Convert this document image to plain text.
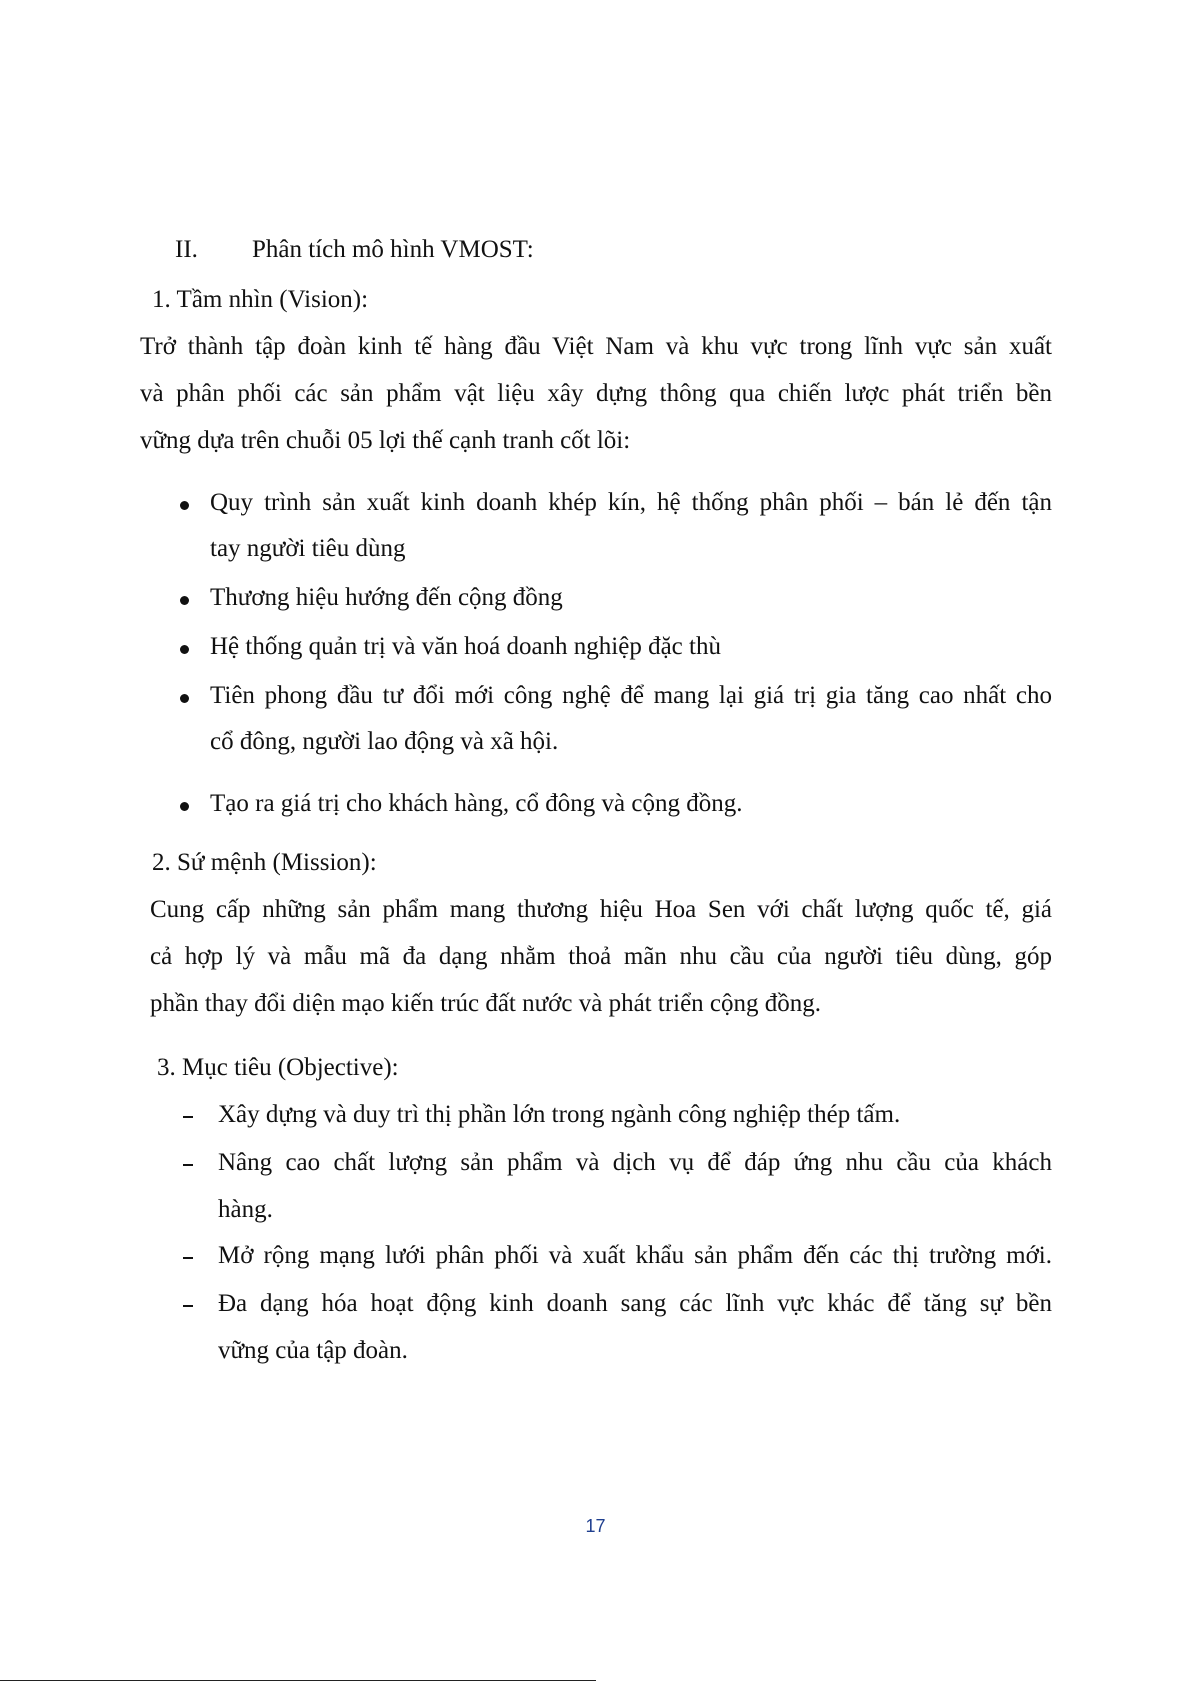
II. Phân tích mô hình VMOST:
1. Tầm nhìn (Vision):
Trở thành tập đoàn kinh tế hàng đầu Việt Nam và khu vực trong lĩnh vực sản xuất
và phân phối các sản phẩm vật liệu xây dựng thông qua chiến lược phát triển bền
vững dựa trên chuỗi 05 lợi thế cạnh tranh cốt lõi:
Quy trình sản xuất kinh doanh khép kín, hệ thống phân phối – bán lẻ đến tận
tay người tiêu dùng
Thương hiệu hướng đến cộng đồng
Hệ thống quản trị và văn hoá doanh nghiệp đặc thù
Tiên phong đầu tư đổi mới công nghệ để mang lại giá trị gia tăng cao nhất cho
cổ đông, người lao động và xã hội.
Tạo ra giá trị cho khách hàng, cổ đông và cộng đồng.
2. Sứ mệnh (Mission):
Cung cấp những sản phẩm mang thương hiệu Hoa Sen với chất lượng quốc tế, giá
cả hợp lý và mẫu mã đa dạng nhằm thoả mãn nhu cầu của người tiêu dùng, góp
phần thay đổi diện mạo kiến trúc đất nước và phát triển cộng đồng.
3. Mục tiêu (Objective):
Xây dựng và duy trì thị phần lớn trong ngành công nghiệp thép tấm.
Nâng cao chất lượng sản phẩm và dịch vụ để đáp ứng nhu cầu của khách
hàng.
Mở rộng mạng lưới phân phối và xuất khẩu sản phẩm đến các thị trường mới.
Đa dạng hóa hoạt động kinh doanh sang các lĩnh vực khác để tăng sự bền
vững của tập đoàn.
17
